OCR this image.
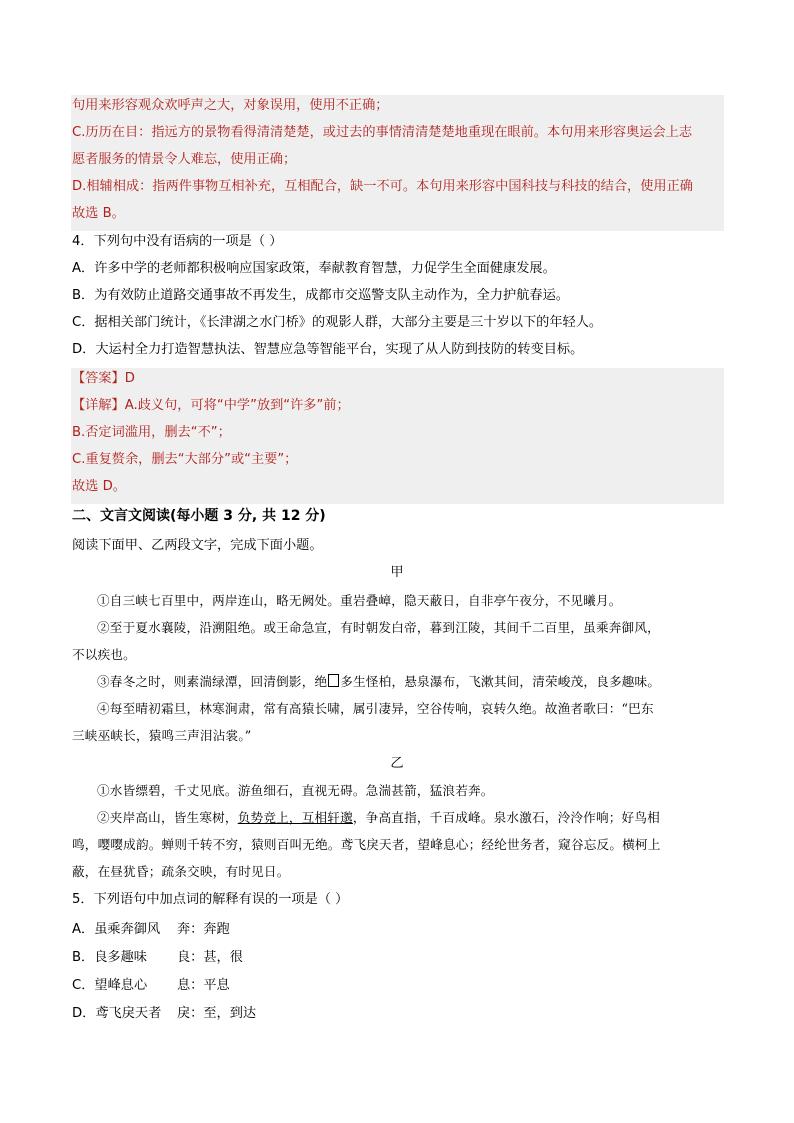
句用来形容观众欢呼声之大，对象误用，使用不正确；
C.历历在目：指远方的景物看得清清楚楚，或过去的事情清清楚楚地重现在眼前。本句用来形容奥运会上志
愿者服务的情景令人难忘，使用正确；
D.相辅相成：指两件事物互相补充，互相配合，缺一不可。本句用来形容中国科技与科技的结合，使用正确
故选 B。
4．下列句中没有语病的一项是（ ）
A．许多中学的老师都积极响应国家政策，奉献教育智慧，力促学生全面健康发展。
B．为有效防止道路交通事故不再发生，成都市交巡警支队主动作为，全力护航春运。
C．据相关部门统计，《长津湖之水门桥》的观影人群，大部分主要是三十岁以下的年轻人。
D．大运村全力打造智慧执法、智慧应急等智能平台，实现了从人防到技防的转变目标。
【答案】D
【详解】A.歧义句，可将“中学”放到“许多”前；
B.否定词滥用，删去“不”；
C.重复赘余，删去“大部分”或“主要”；
故选 D。
二、文言文阅读(每小题 3 分, 共 12 分)
阅读下面甲、乙两段文字，完成下面小题。
甲
①自三峡七百里中，两岸连山，略无阙处。重岩叠嶂，隐天蔽日，自非亭午夜分，不见曦月。
②至于夏水襄陵，沿溯阻绝。或王命急宣，有时朝发白帝，暮到江陵，其间千二百里，虽乘奔御风，
不以疾也。
③春冬之时，则素湍绿潭，回清倒影，绝 多生怪柏，悬泉瀑布，飞漱其间，清荣峻茂，良多趣味。
④每至晴初霜旦，林寒涧肃，常有高猿长啸，属引凄异，空谷传响，哀转久绝。故渔者歌曰：“巴东
三峡巫峡长，猿鸣三声泪沾裳。”
乙
①水皆缥碧，千丈见底。游鱼细石，直视无碍。急湍甚箭，猛浪若奔。
②夹岸高山，皆生寒树，负势竞上，互相轩邈，争高直指，千百成峰。泉水激石，泠泠作响；好鸟相
鸣，嘤嘤成韵。蝉则千转不穷，猿则百叫无绝。鸢飞戾天者，望峰息心；经纶世务者，窥谷忘反。横柯上
蔽，在昼犹昏；疏条交映，有时见日。
5．下列语句中加点词的解释有误的一项是（ ）
A．虽乘奔御风 奔：奔跑
B．良多趣味 良：甚，很
C．望峰息心 息：平息
D．鸢飞戾天者 戾：至，到达
